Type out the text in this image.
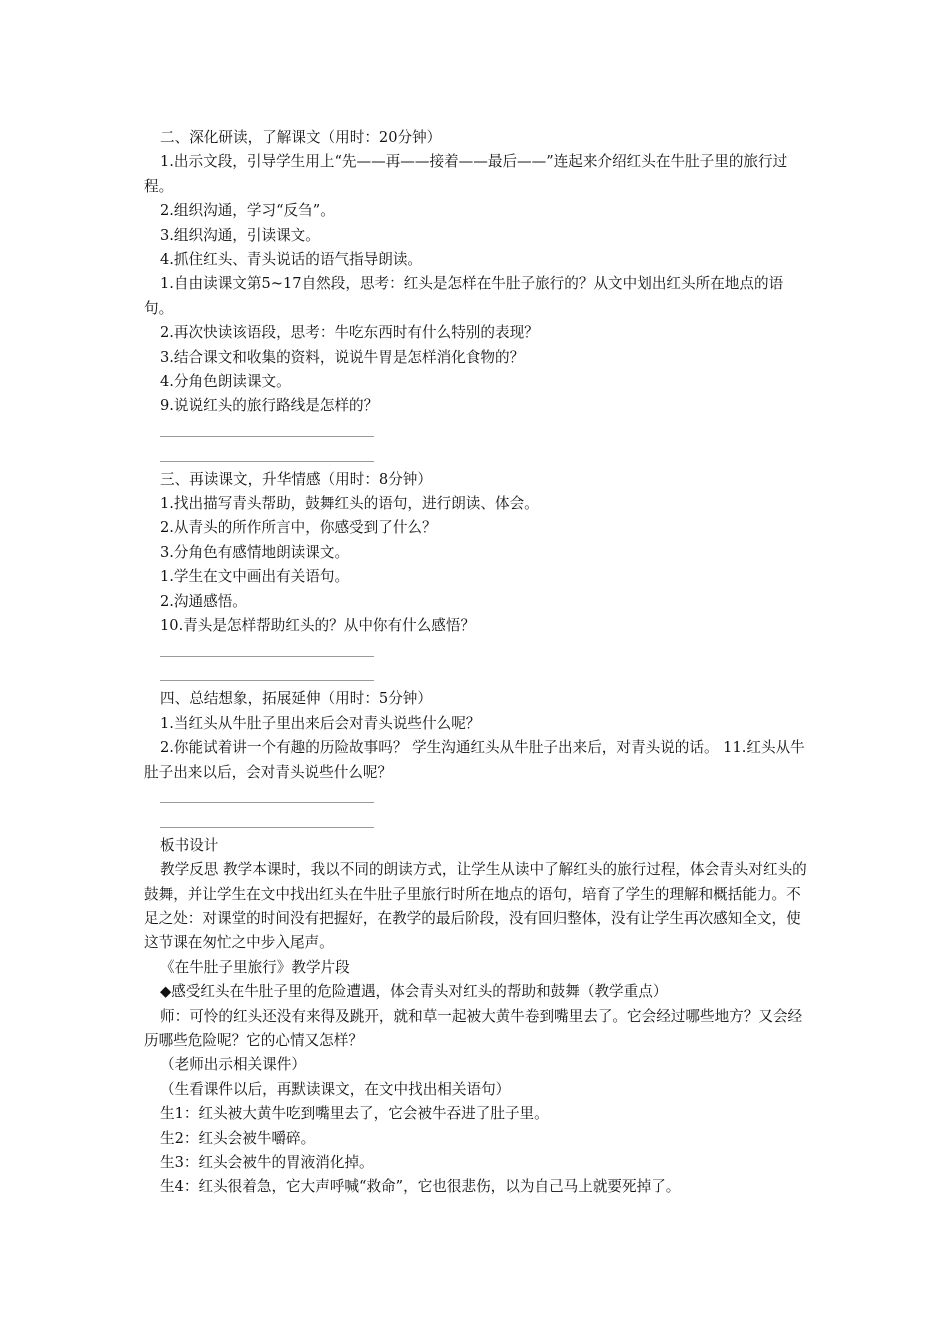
二、深化研读，了解课文（用时：20分钟）

1.出示文段，引导学生用上“先——再——接着——最后——”连起来介绍红头在牛肚子里的旅行过程。

2.组织沟通，学习“反刍”。

3.组织沟通，引读课文。

4.抓住红头、青头说话的语气指导朗读。

1.自由读课文第5~17自然段，思考：红头是怎样在牛肚子旅行的？从文中划出红头所在地点的语句。

2.再次快读该语段，思考：牛吃东西时有什么特别的表现？

3.结合课文和收集的资料，说说牛胃是怎样消化食物的？

4.分角色朗读课文。

9.说说红头的旅行路线是怎样的？

三、再读课文，升华情感（用时：8分钟）

1.找出描写青头帮助，鼓舞红头的语句，进行朗读、体会。

2.从青头的所作所言中，你感受到了什么？

3.分角色有感情地朗读课文。

1.学生在文中画出有关语句。

2.沟通感悟。

10.青头是怎样帮助红头的？从中你有什么感悟？

四、总结想象，拓展延伸（用时：5分钟）

1.当红头从牛肚子里出来后会对青头说些什么呢？

2.你能试着讲一个有趣的历险故事吗？ 学生沟通红头从牛肚子出来后，对青头说的话。 11.红头从牛肚子出来以后，会对青头说些什么呢？

板书设计

教学反思 教学本课时，我以不同的朗读方式，让学生从读中了解红头的旅行过程，体会青头对红头的鼓舞，并让学生在文中找出红头在牛肚子里旅行时所在地点的语句，培育了学生的理解和概括能力。不足之处：对课堂的时间没有把握好，在教学的最后阶段，没有回归整体，没有让学生再次感知全文，使这节课在匆忙之中步入尾声。

《在牛肚子里旅行》教学片段

◆感受红头在牛肚子里的危险遭遇，体会青头对红头的帮助和鼓舞（教学重点）

师：可怜的红头还没有来得及跳开，就和草一起被大黄牛卷到嘴里去了。它会经过哪些地方？又会经历哪些危险呢？它的心情又怎样？

（老师出示相关课件）

（生看课件以后，再默读课文，在文中找出相关语句）

生1：红头被大黄牛吃到嘴里去了，它会被牛吞进了肚子里。

生2：红头会被牛嚼碎。

生3：红头会被牛的胃液消化掉。

生4：红头很着急，它大声呼喊“救命”，它也很悲伤，以为自己马上就要死掉了。
